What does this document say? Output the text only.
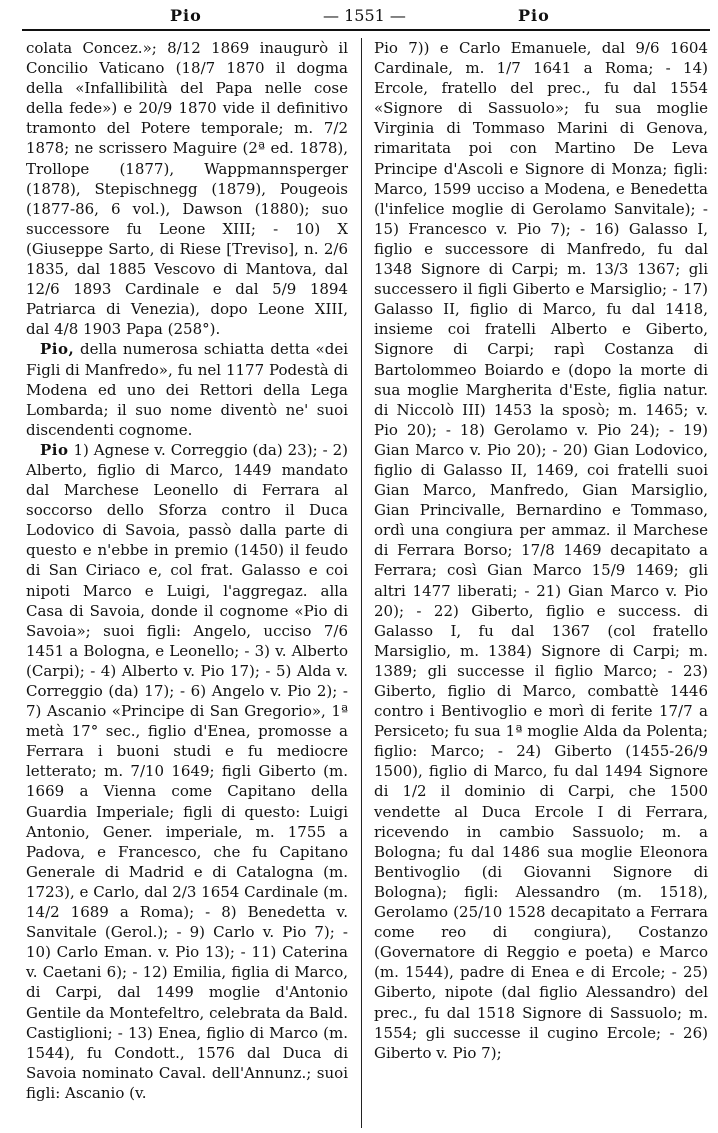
Pio	— 1551 —	Pio

colata Concez.»; 8/12 1869 inaugurò il Concilio Vaticano (18/7 1870 il dogma della «Infallibilità del Papa nelle cose della fede») e 20/9 1870 vide il definitivo tramonto del Potere temporale; m. 7/2 1878; ne scrissero Maguire (2ª ed. 1878), Trollope (1877), Wappmannsperger (1878), Stepischnegg (1879), Pougeois (1877-86, 6 vol.), Dawson (1880); suo successore fu Leone XIII; - 10) X (Giuseppe Sarto, di Riese [Treviso], n. 2/6 1835, dal 1885 Vescovo di Mantova, dal 12/6 1893 Cardinale e dal 5/9 1894 Patriarca di Venezia), dopo Leone XIII, dal 4/8 1903 Papa (258°).

Pio, della numerosa schiatta detta «dei Figli di Manfredo», fu nel 1177 Podestà di Modena ed uno dei Rettori della Lega Lombarda; il suo nome diventò ne' suoi discendenti cognome.

Pio 1) Agnese v. Correggio (da) 23); - 2) Alberto, figlio di Marco, 1449 mandato dal Marchese Leonello di Ferrara al soccorso dello Sforza contro il Duca Lodovico di Savoia, passò dalla parte di questo e n'ebbe in premio (1450) il feudo di San Ciriaco e, col frat. Galasso e coi nipoti Marco e Luigi, l'aggregaz. alla Casa di Savoia, donde il cognome «Pio di Savoia»; suoi figli: Angelo, ucciso 7/6 1451 a Bologna, e Leonello; - 3) v. Alberto (Carpi); - 4) Alberto v. Pio 17); - 5) Alda v. Correggio (da) 17); - 6) Angelo v. Pio 2); - 7) Ascanio «Principe di San Gregorio», 1ª metà 17° sec., figlio d'Enea, promosse a Ferrara i buoni studi e fu mediocre letterato; m. 7/10 1649; figli Giberto (m. 1669 a Vienna come Capitano della Guardia Imperiale; figli di questo: Luigi Antonio, Gener. imperiale, m. 1755 a Padova, e Francesco, che fu Capitano Generale di Madrid e di Catalogna (m. 1723), e Carlo, dal 2/3 1654 Cardinale (m. 14/2 1689 a Roma); - 8) Benedetta v. Sanvitale (Gerol.); - 9) Carlo v. Pio 7); - 10) Carlo Eman. v. Pio 13); - 11) Caterina v. Caetani 6); - 12) Emilia, figlia di Marco, di Carpi, dal 1499 moglie d'Antonio Gentile da Montefeltro, celebrata da Bald. Castiglioni; - 13) Enea, figlio di Marco (m. 1544), fu Condott., 1576 dal Duca di Savoia nominato Caval. dell'Annunz.; suoi figli: Ascanio (v.

Pio 7)) e Carlo Emanuele, dal 9/6 1604 Cardinale, m. 1/7 1641 a Roma; - 14) Ercole, fratello del prec., fu dal 1554 «Signore di Sassuolo»; fu sua moglie Virginia di Tommaso Marini di Genova, rimaritata poi con Martino De Leva Principe d'Ascoli e Signore di Monza; figli: Marco, 1599 ucciso a Modena, e Benedetta (l'infelice moglie di Gerolamo Sanvitale); - 15) Francesco v. Pio 7); - 16) Galasso I, figlio e successore di Manfredo, fu dal 1348 Signore di Carpi; m. 13/3 1367; gli successero il figli Giberto e Marsiglio; - 17) Galasso II, figlio di Marco, fu dal 1418, insieme coi fratelli Alberto e Giberto, Signore di Carpi; rapì Costanza di Bartolommeo Boiardo e (dopo la morte di sua moglie Margherita d'Este, figlia natur. di Niccolò III) 1453 la sposò; m. 1465; v. Pio 20); - 18) Gerolamo v. Pio 24); - 19) Gian Marco v. Pio 20); - 20) Gian Lodovico, figlio di Galasso II, 1469, coi fratelli suoi Gian Marco, Manfredo, Gian Marsiglio, Gian Princivalle, Bernardino e Tommaso, ordì una congiura per ammaz. il Marchese di Ferrara Borso; 17/8 1469 decapitato a Ferrara; così Gian Marco 15/9 1469; gli altri 1477 liberati; - 21) Gian Marco v. Pio 20); - 22) Giberto, figlio e success. di Galasso I, fu dal 1367 (col fratello Marsiglio, m. 1384) Signore di Carpi; m. 1389; gli successe il figlio Marco; - 23) Giberto, figlio di Marco, combattè 1446 contro i Bentivoglio e morì di ferite 17/7 a Persiceto; fu sua 1ª moglie Alda da Polenta; figlio: Marco; - 24) Giberto (1455-26/9 1500), figlio di Marco, fu dal 1494 Signore di 1/2 il dominio di Carpi, che 1500 vendette al Duca Ercole I di Ferrara, ricevendo in cambio Sassuolo; m. a Bologna; fu dal 1486 sua moglie Eleonora Bentivoglio (di Giovanni Signore di Bologna); figli: Alessandro (m. 1518), Gerolamo (25/10 1528 decapitato a Ferrara come reo di congiura), Costanzo (Governatore di Reggio e poeta) e Marco (m. 1544), padre di Enea e di Ercole; - 25) Giberto, nipote (dal figlio Alessandro) del prec., fu dal 1518 Signore di Sassuolo; m. 1554; gli successe il cugino Ercole; - 26) Giberto v. Pio 7);
